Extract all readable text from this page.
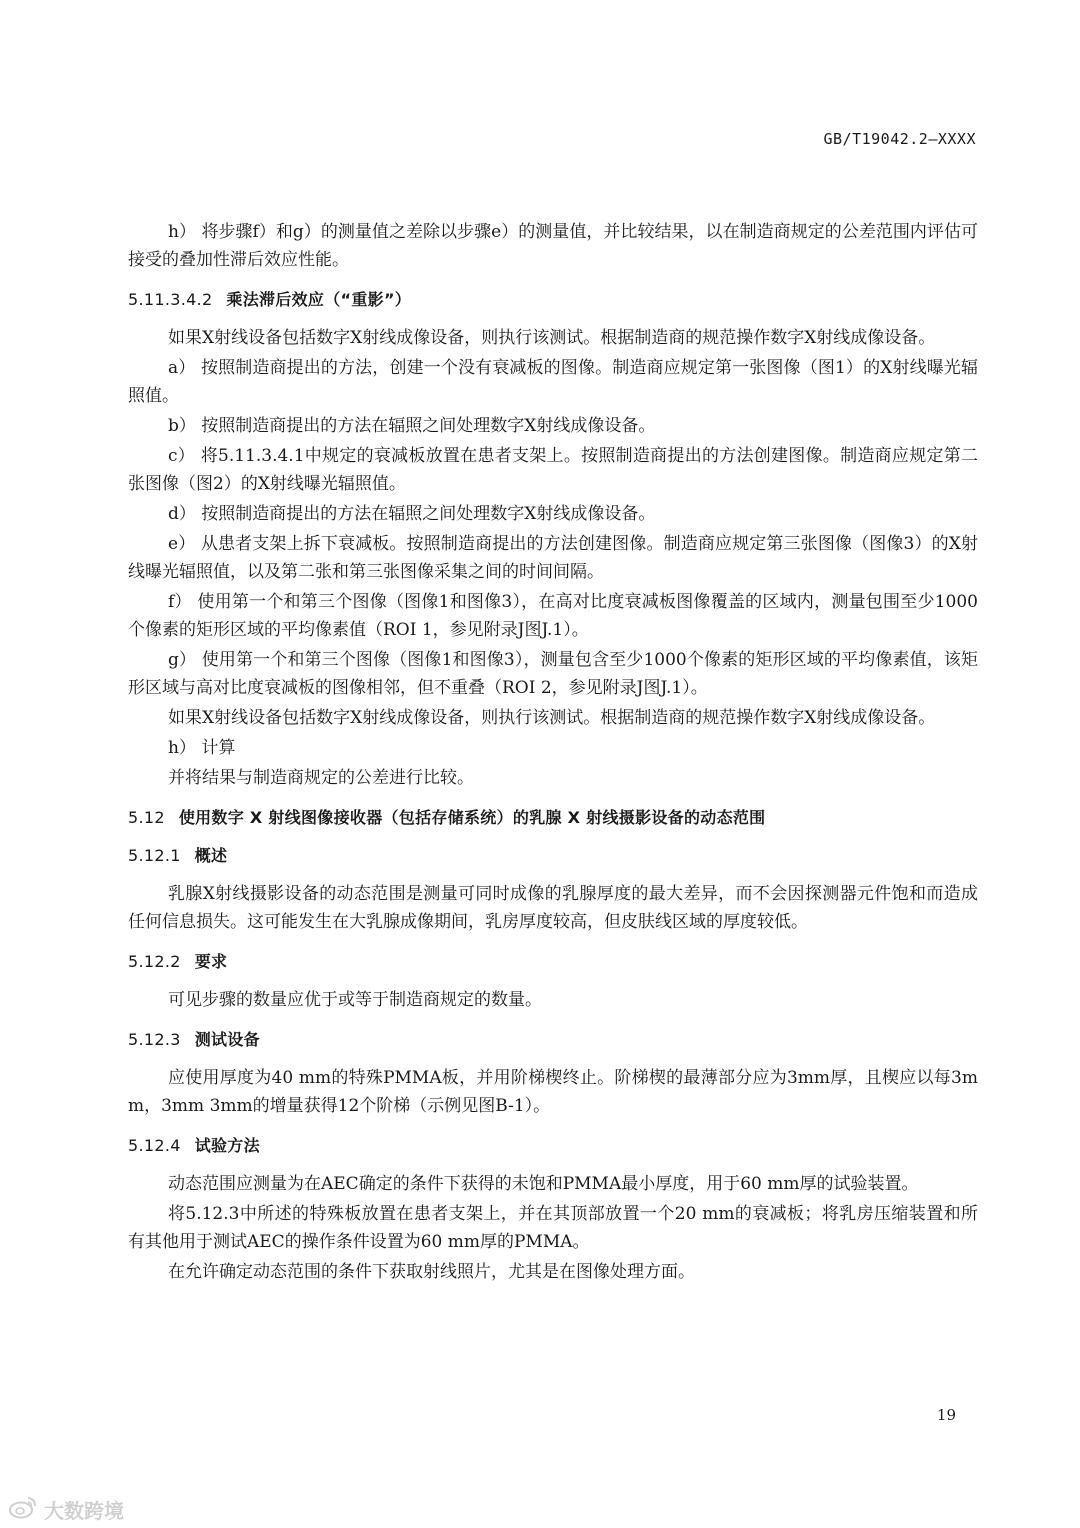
GB/T19042.2—XXXX

h） 将步骤f）和g）的测量值之差除以步骤e）的测量值，并比较结果，以在制造商规定的公差范围内评估可接受的叠加性滞后效应性能。

5.11.3.4.2 乘法滞后效应（“重影”）

如果X射线设备包括数字X射线成像设备，则执行该测试。根据制造商的规范操作数字X射线成像设备。

a） 按照制造商提出的方法，创建一个没有衰减板的图像。制造商应规定第一张图像（图1）的X射线曝光辐照值。

b） 按照制造商提出的方法在辐照之间处理数字X射线成像设备。

c） 将5.11.3.4.1中规定的衰减板放置在患者支架上。按照制造商提出的方法创建图像。制造商应规定第二张图像（图2）的X射线曝光辐照值。

d） 按照制造商提出的方法在辐照之间处理数字X射线成像设备。

e） 从患者支架上拆下衰减板。按照制造商提出的方法创建图像。制造商应规定第三张图像（图像3）的X射线曝光辐照值，以及第二张和第三张图像采集之间的时间间隔。

f） 使用第一个和第三个图像（图像1和图像3），在高对比度衰减板图像覆盖的区域内，测量包围至少1000个像素的矩形区域的平均像素值（ROI 1，参见附录J图J.1）。

g） 使用第一个和第三个图像（图像1和图像3），测量包含至少1000个像素的矩形区域的平均像素值，该矩形区域与高对比度衰减板的图像相邻，但不重叠（ROI 2，参见附录J图J.1）。

如果X射线设备包括数字X射线成像设备，则执行该测试。根据制造商的规范操作数字X射线成像设备。

h） 计算

并将结果与制造商规定的公差进行比较。

5.12 使用数字 X 射线图像接收器（包括存储系统）的乳腺 X 射线摄影设备的动态范围
5.12.1 概述

乳腺X射线摄影设备的动态范围是测量可同时成像的乳腺厚度的最大差异，而不会因探测器元件饱和而造成任何信息损失。这可能发生在大乳腺成像期间，乳房厚度较高，但皮肤线区域的厚度较低。

5.12.2 要求

可见步骤的数量应优于或等于制造商规定的数量。

5.12.3 测试设备

应使用厚度为40 mm的特殊PMMA板，并用阶梯楔终止。阶梯楔的最薄部分应为3mm厚，且楔应以每3mm，3mm 3mm的增量获得12个阶梯（示例见图B-1）。

5.12.4 试验方法

动态范围应测量为在AEC确定的条件下获得的未饱和PMMA最小厚度，用于60 mm厚的试验装置。

将5.12.3中所述的特殊板放置在患者支架上，并在其顶部放置一个20 mm的衰减板；将乳房压缩装置和所有其他用于测试AEC的操作条件设置为60 mm厚的PMMA。

在允许确定动态范围的条件下获取射线照片，尤其是在图像处理方面。

19
大数跨境
